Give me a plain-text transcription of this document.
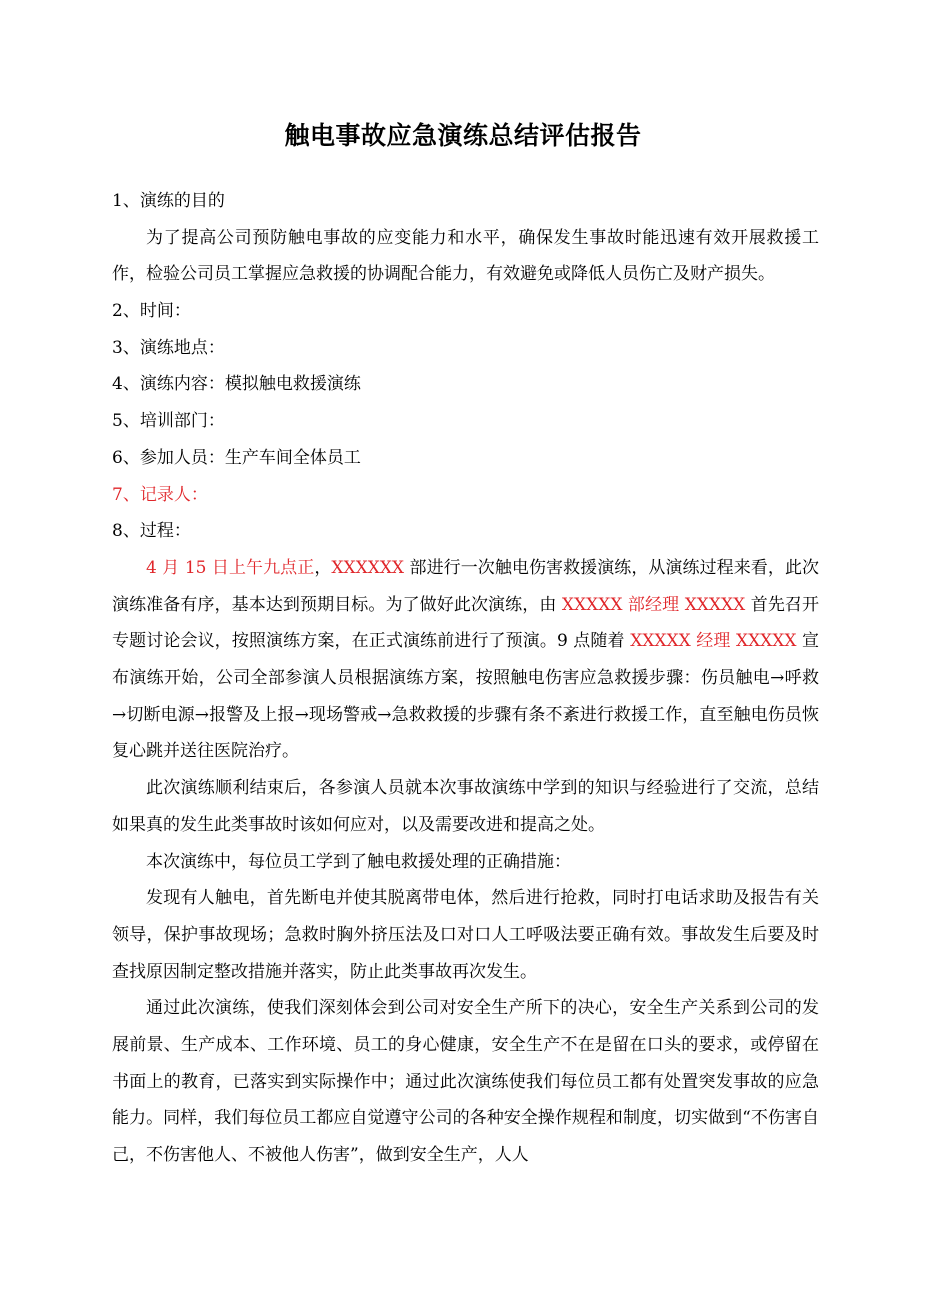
触电事故应急演练总结评估报告
1、演练的目的
为了提高公司预防触电事故的应变能力和水平，确保发生事故时能迅速有效开展救援工作，检验公司员工掌握应急救援的协调配合能力，有效避免或降低人员伤亡及财产损失。
2、时间：
3、演练地点：
4、演练内容：模拟触电救援演练
5、培训部门：
6、参加人员：生产车间全体员工
7、记录人：
8、过程：
4 月 15 日上午九点正，XXXXXX 部进行一次触电伤害救援演练，从演练过程来看，此次演练准备有序，基本达到预期目标。为了做好此次演练，由 XXXXX 部经理 XXXXX 首先召开专题讨论会议，按照演练方案，在正式演练前进行了预演。9 点随着 XXXXX 经理 XXXXX 宣布演练开始，公司全部参演人员根据演练方案，按照触电伤害应急救援步骤：伤员触电→呼救→切断电源→报警及上报→现场警戒→急救救援的步骤有条不紊进行救援工作，直至触电伤员恢复心跳并送往医院治疗。
此次演练顺利结束后，各参演人员就本次事故演练中学到的知识与经验进行了交流，总结如果真的发生此类事故时该如何应对，以及需要改进和提高之处。
本次演练中，每位员工学到了触电救援处理的正确措施：
发现有人触电，首先断电并使其脱离带电体，然后进行抢救，同时打电话求助及报告有关领导，保护事故现场；急救时胸外挤压法及口对口人工呼吸法要正确有效。事故发生后要及时查找原因制定整改措施并落实，防止此类事故再次发生。
通过此次演练，使我们深刻体会到公司对安全生产所下的决心，安全生产关系到公司的发展前景、生产成本、工作环境、员工的身心健康，安全生产不在是留在口头的要求，或停留在书面上的教育，已落实到实际操作中；通过此次演练使我们每位员工都有处置突发事故的应急能力。同样，我们每位员工都应自觉遵守公司的各种安全操作规程和制度，切实做到“不伤害自己，不伤害他人、不被他人伤害”，做到安全生产，人人
